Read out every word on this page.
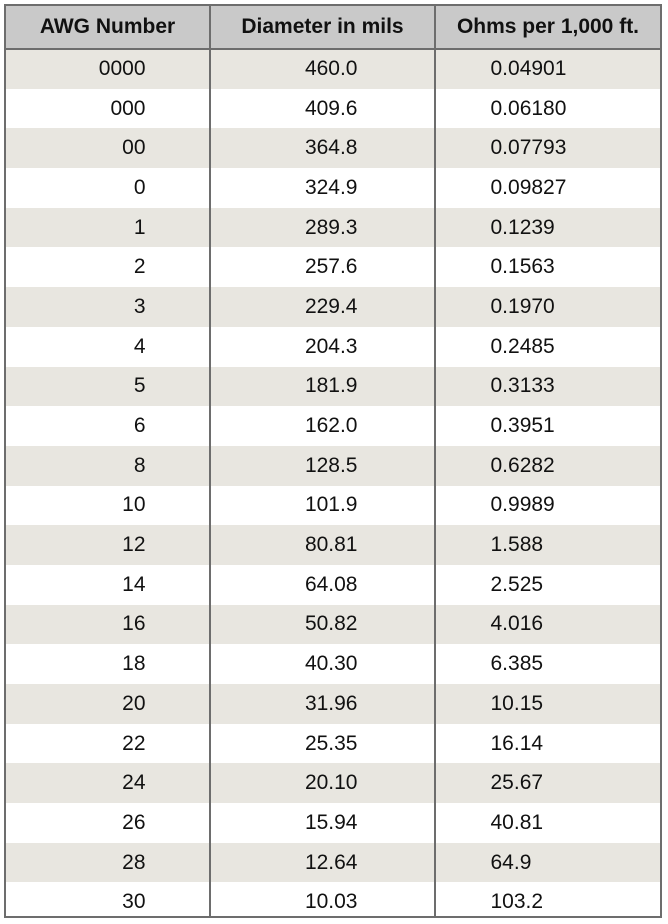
AWG Number	Diameter in mils	Ohms per 1,000 ft.
0000	460.0	0.04901
000	409.6	0.06180
00	364.8	0.07793
0	324.9	0.09827
1	289.3	0.1239
2	257.6	0.1563
3	229.4	0.1970
4	204.3	0.2485
5	181.9	0.3133
6	162.0	0.3951
8	128.5	0.6282
10	101.9	0.9989
12	80.81	1.588
14	64.08	2.525
16	50.82	4.016
18	40.30	6.385
20	31.96	10.15
22	25.35	16.14
24	20.10	25.67
26	15.94	40.81
28	12.64	64.9
30	10.03	103.2
